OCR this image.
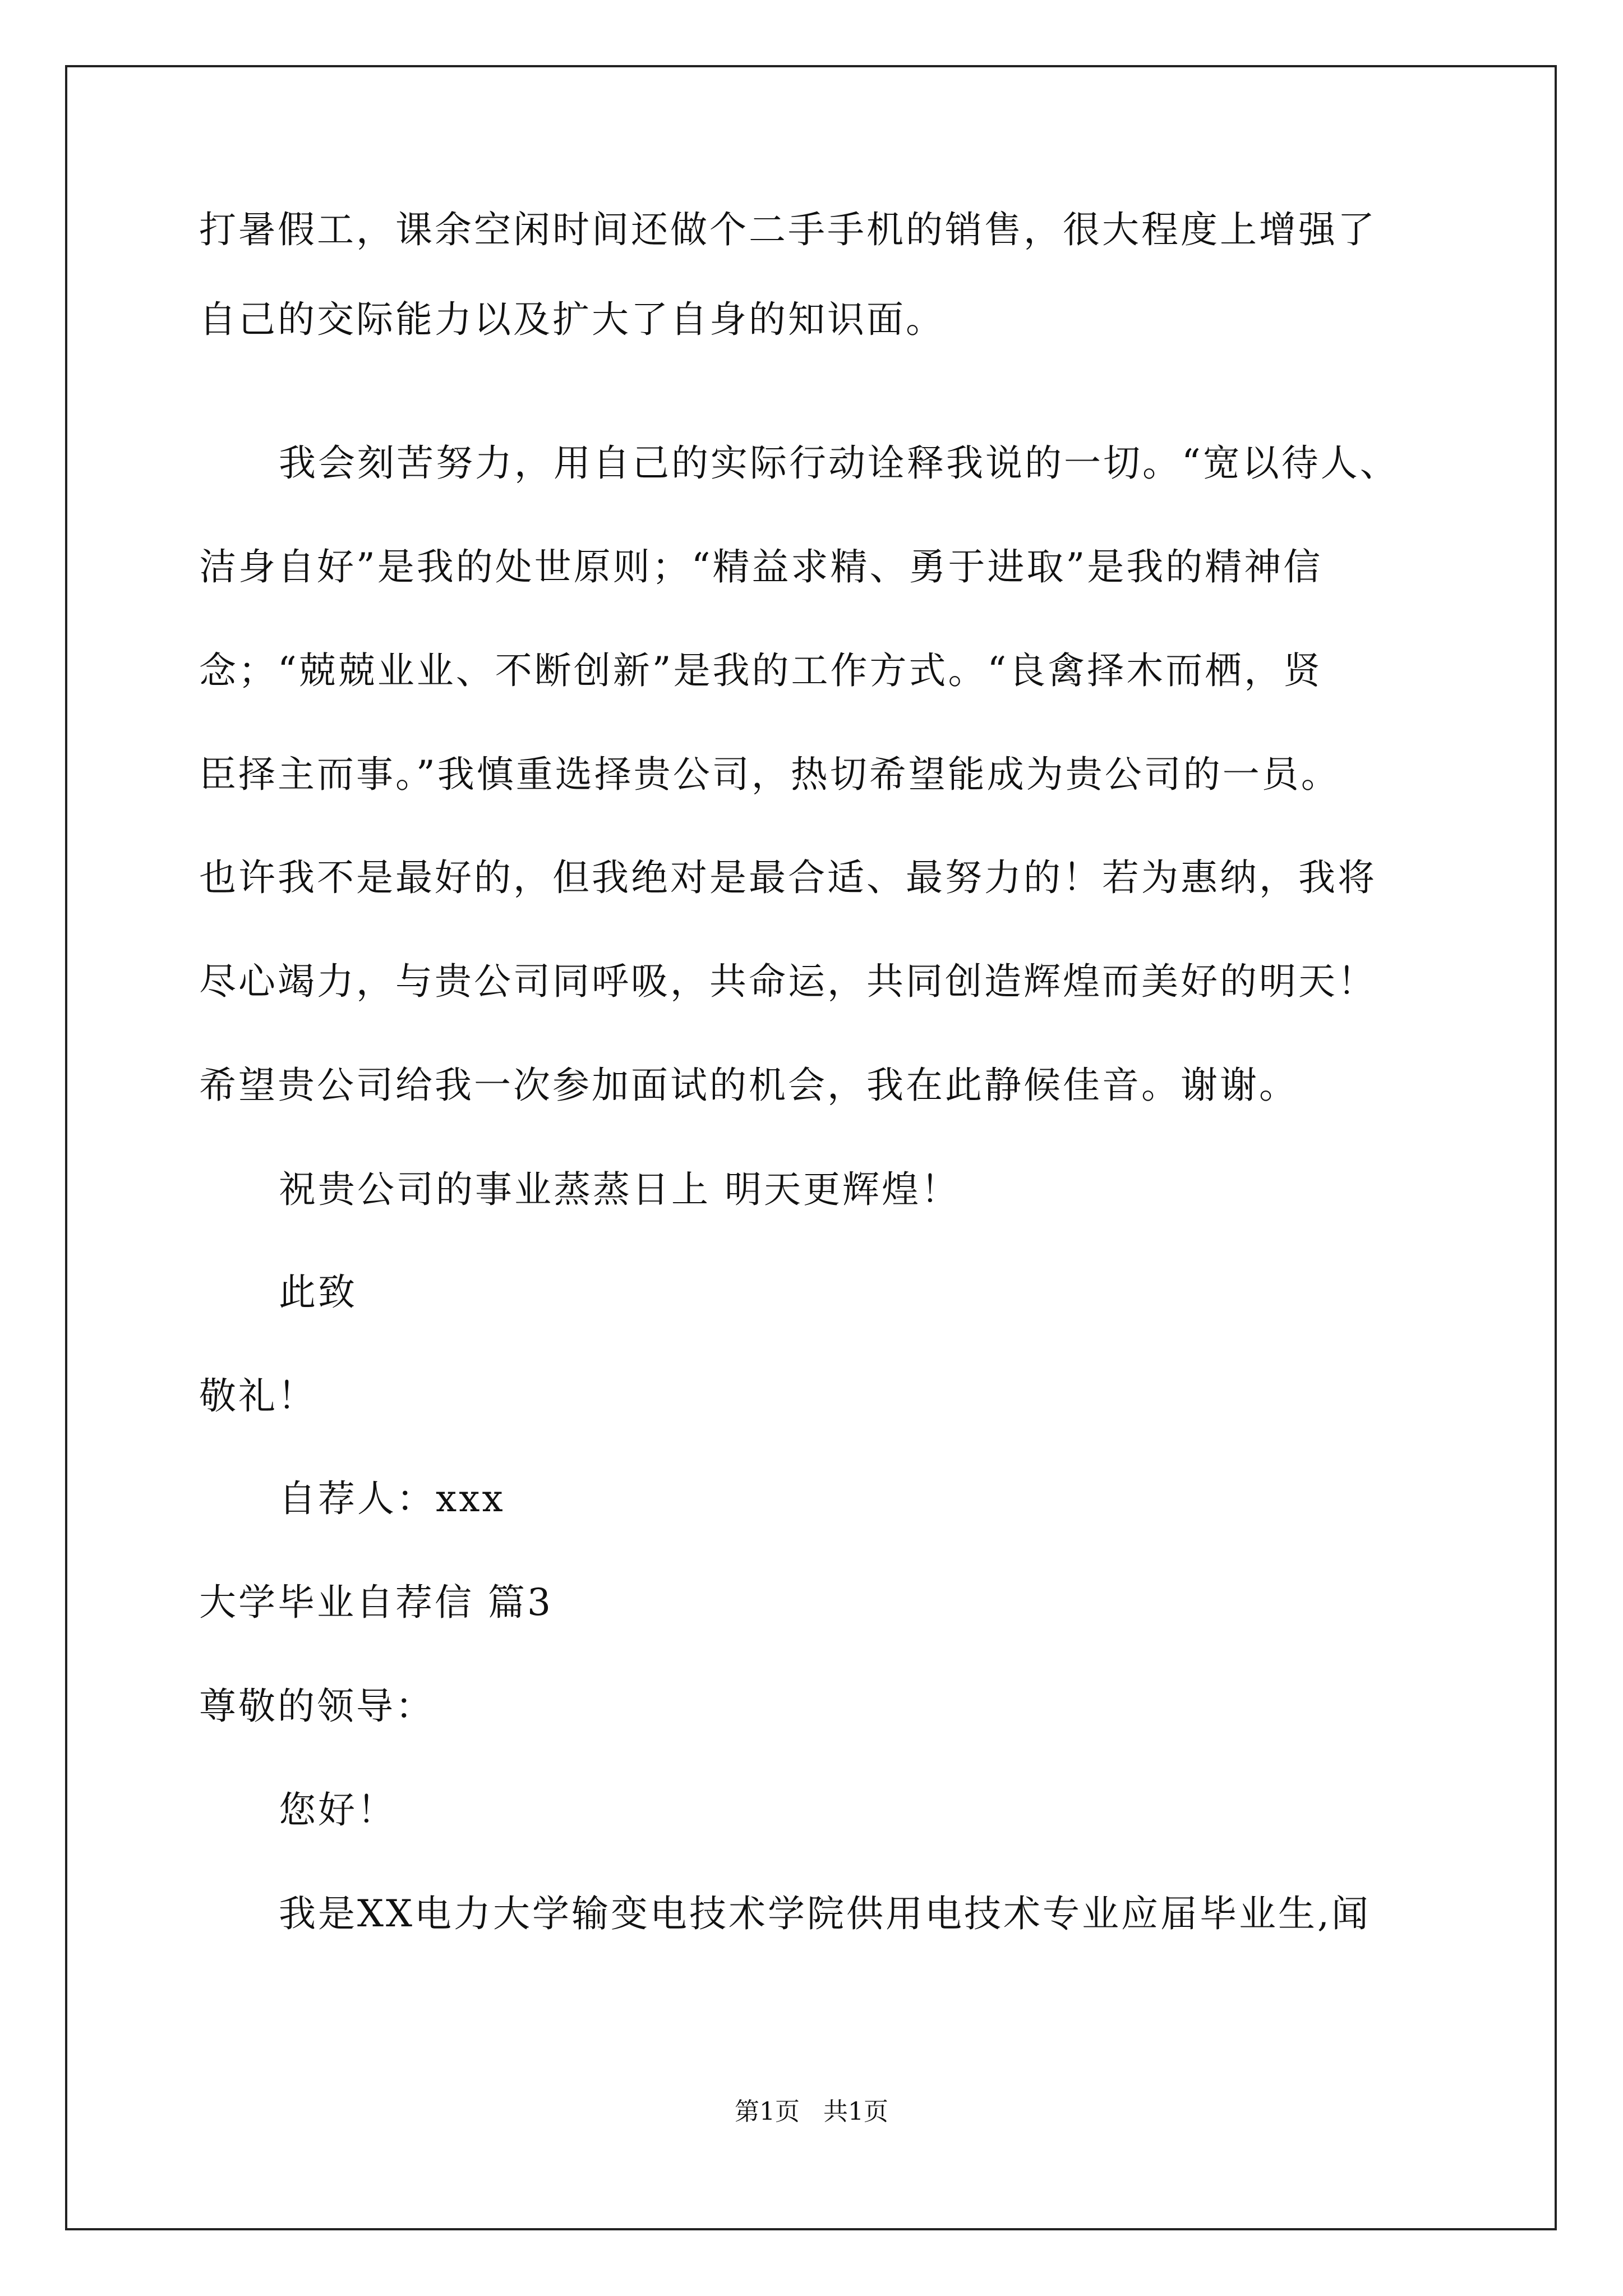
打暑假工，课余空闲时间还做个二手手机的销售，很大程度上增强了
自己的交际能力以及扩大了自身的知识面。
我会刻苦努力，用自己的实际行动诠释我说的一切。“宽以待人、
洁身自好”是我的处世原则；“精益求精、勇于进取”是我的精神信
念；“兢兢业业、不断创新”是我的工作方式。“良禽择木而栖，贤
臣择主而事。”我慎重选择贵公司，热切希望能成为贵公司的一员。
也许我不是最好的，但我绝对是最合适、最努力的！若为惠纳，我将
尽心竭力，与贵公司同呼吸，共命运，共同创造辉煌而美好的明天！
希望贵公司给我一次参加面试的机会，我在此静候佳音。谢谢。
祝贵公司的事业蒸蒸日上 明天更辉煌！
此致
敬礼！
自荐人：xxx
大学毕业自荐信 篇3
尊敬的领导：
您好！
我是XX电力大学输变电技术学院供用电技术专业应届毕业生,闻
第1页 共1页
